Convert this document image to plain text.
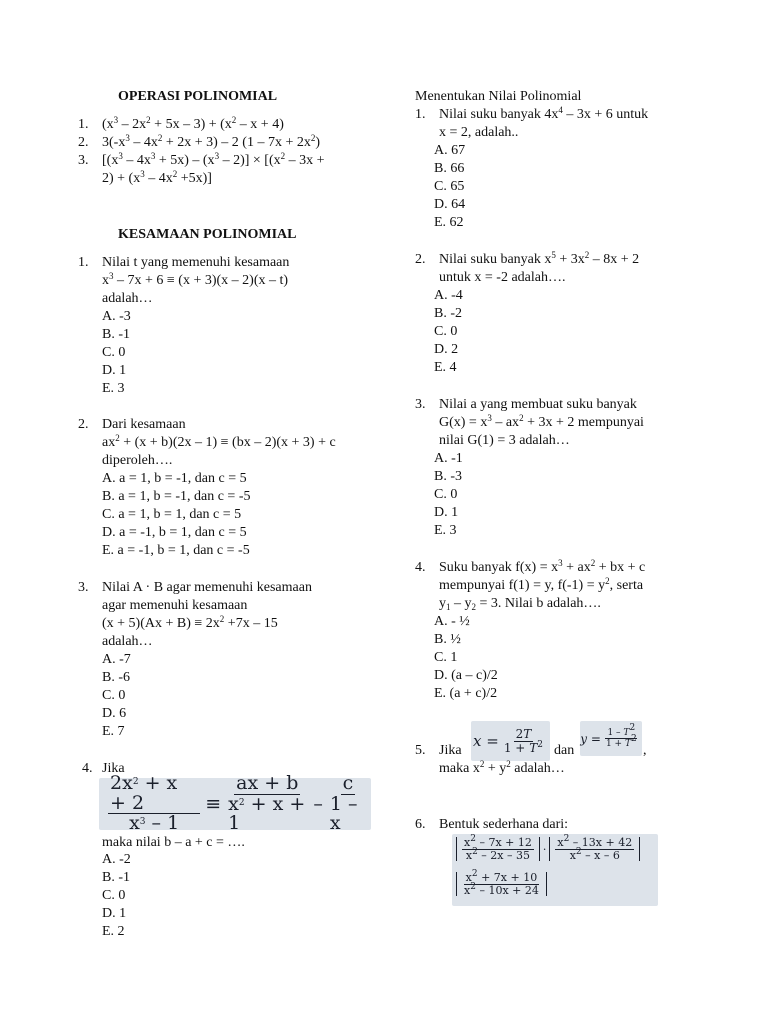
OPERASI POLINOMIAL
1. $(x^3 - 2x^2 + 5x - 3) + (x^2 - x + 4)$
2. $3(-x^3 - 4x^2 + 2x + 3) - 2$ $(1 - 7x + 2x^2)$
3. $[(x^3 - 4x^3 + 5x) - (x^3 - 2)] \times [(x^2 - 3x$ +
$2) + (x^3 - 4x^2 +5x)$]
KESAMAAN POLINOMIAL
1. Nilai t yang memenuhi kesamaan
$x^3 - 7x + 6 \equiv (x + 3)(x - 2)(x - t)$
adalah…
A. -3
B. -1
C. 0
D. 1
E. 3
2. Dari kesamaan
$ax^2 + (x + b)(2x - 1) \equiv (bx - 2)(x + 3) + c$
diperoleh….
A. a = 1, b = -1, dan c = 5
B. a = 1, b = -1, dan c = -5
C. a = 1, b = 1, dan c = 5
D. a = -1, b = 1, dan c = 5
E. a = -1, b = 1, dan c = -5
3. Nilai A · B agar memenuhi kesamaan
agar memenuhi kesamaan
$(x + 5)(Ax + B) \equiv 2x^2 +7x - 15$
adalah…
A. -7
B. -6
C. 0
D. 6
E. 7
4. Jika
$\frac{2x^2 + x + 2}{x^3 - 1} \equiv \frac{ax + b}{x^2 + x + 1} - \frac{c}{1 - x}$
maka nilai b – a + c = ….
A. -2
B. -1
C. 0
D. 1
E. 2
Menentukan Nilai Polinomial
1. Nilai suku banyak $4x^4 - 3x + 6$ untuk
x = 2, adalah..
A. 67
B. 66
C. 65
D. 64
E. 62
2. Nilai suku banyak $x^5 + 3x^2 - 8x + 2$
untuk x = -2 adalah….
A. -4
B. -2
C. 0
D. 2
E. 4
3. Nilai a yang membuat suku banyak
$G(x) = x^3 - ax^2 + 3x + 2$ mempunyai
nilai G(1) = 3 adalah…
A. -1
B. -3
C. 0
D. 1
E. 3
4. Suku banyak $f(x) = x^3 + ax^2$ + bx + c
mempunyai f(1) = y, $f(-1) = y^2$, serta
$y_1 - y_2 = 3$. Nilai b adalah….
A. - ½
B. ½
C. 1
D. (a – c)/2
E. (a + c)/2
5. Jika
$x = \frac{2T}{1 + T^2}$ dan
$y = \frac{1 - T^2}{1 + T^2}$
,
maka $x^2 + y^2$ adalah…
6. Bentuk sederhana dari:
$\frac{x^2 - 7x + 12}{x^2 - 2x - 35} \cdot \frac{x^2 - 13x + 42}{x^2 - x - 6}$
$\frac{x^2 + 7x + 10}{x^2 - 10x + 24}$
